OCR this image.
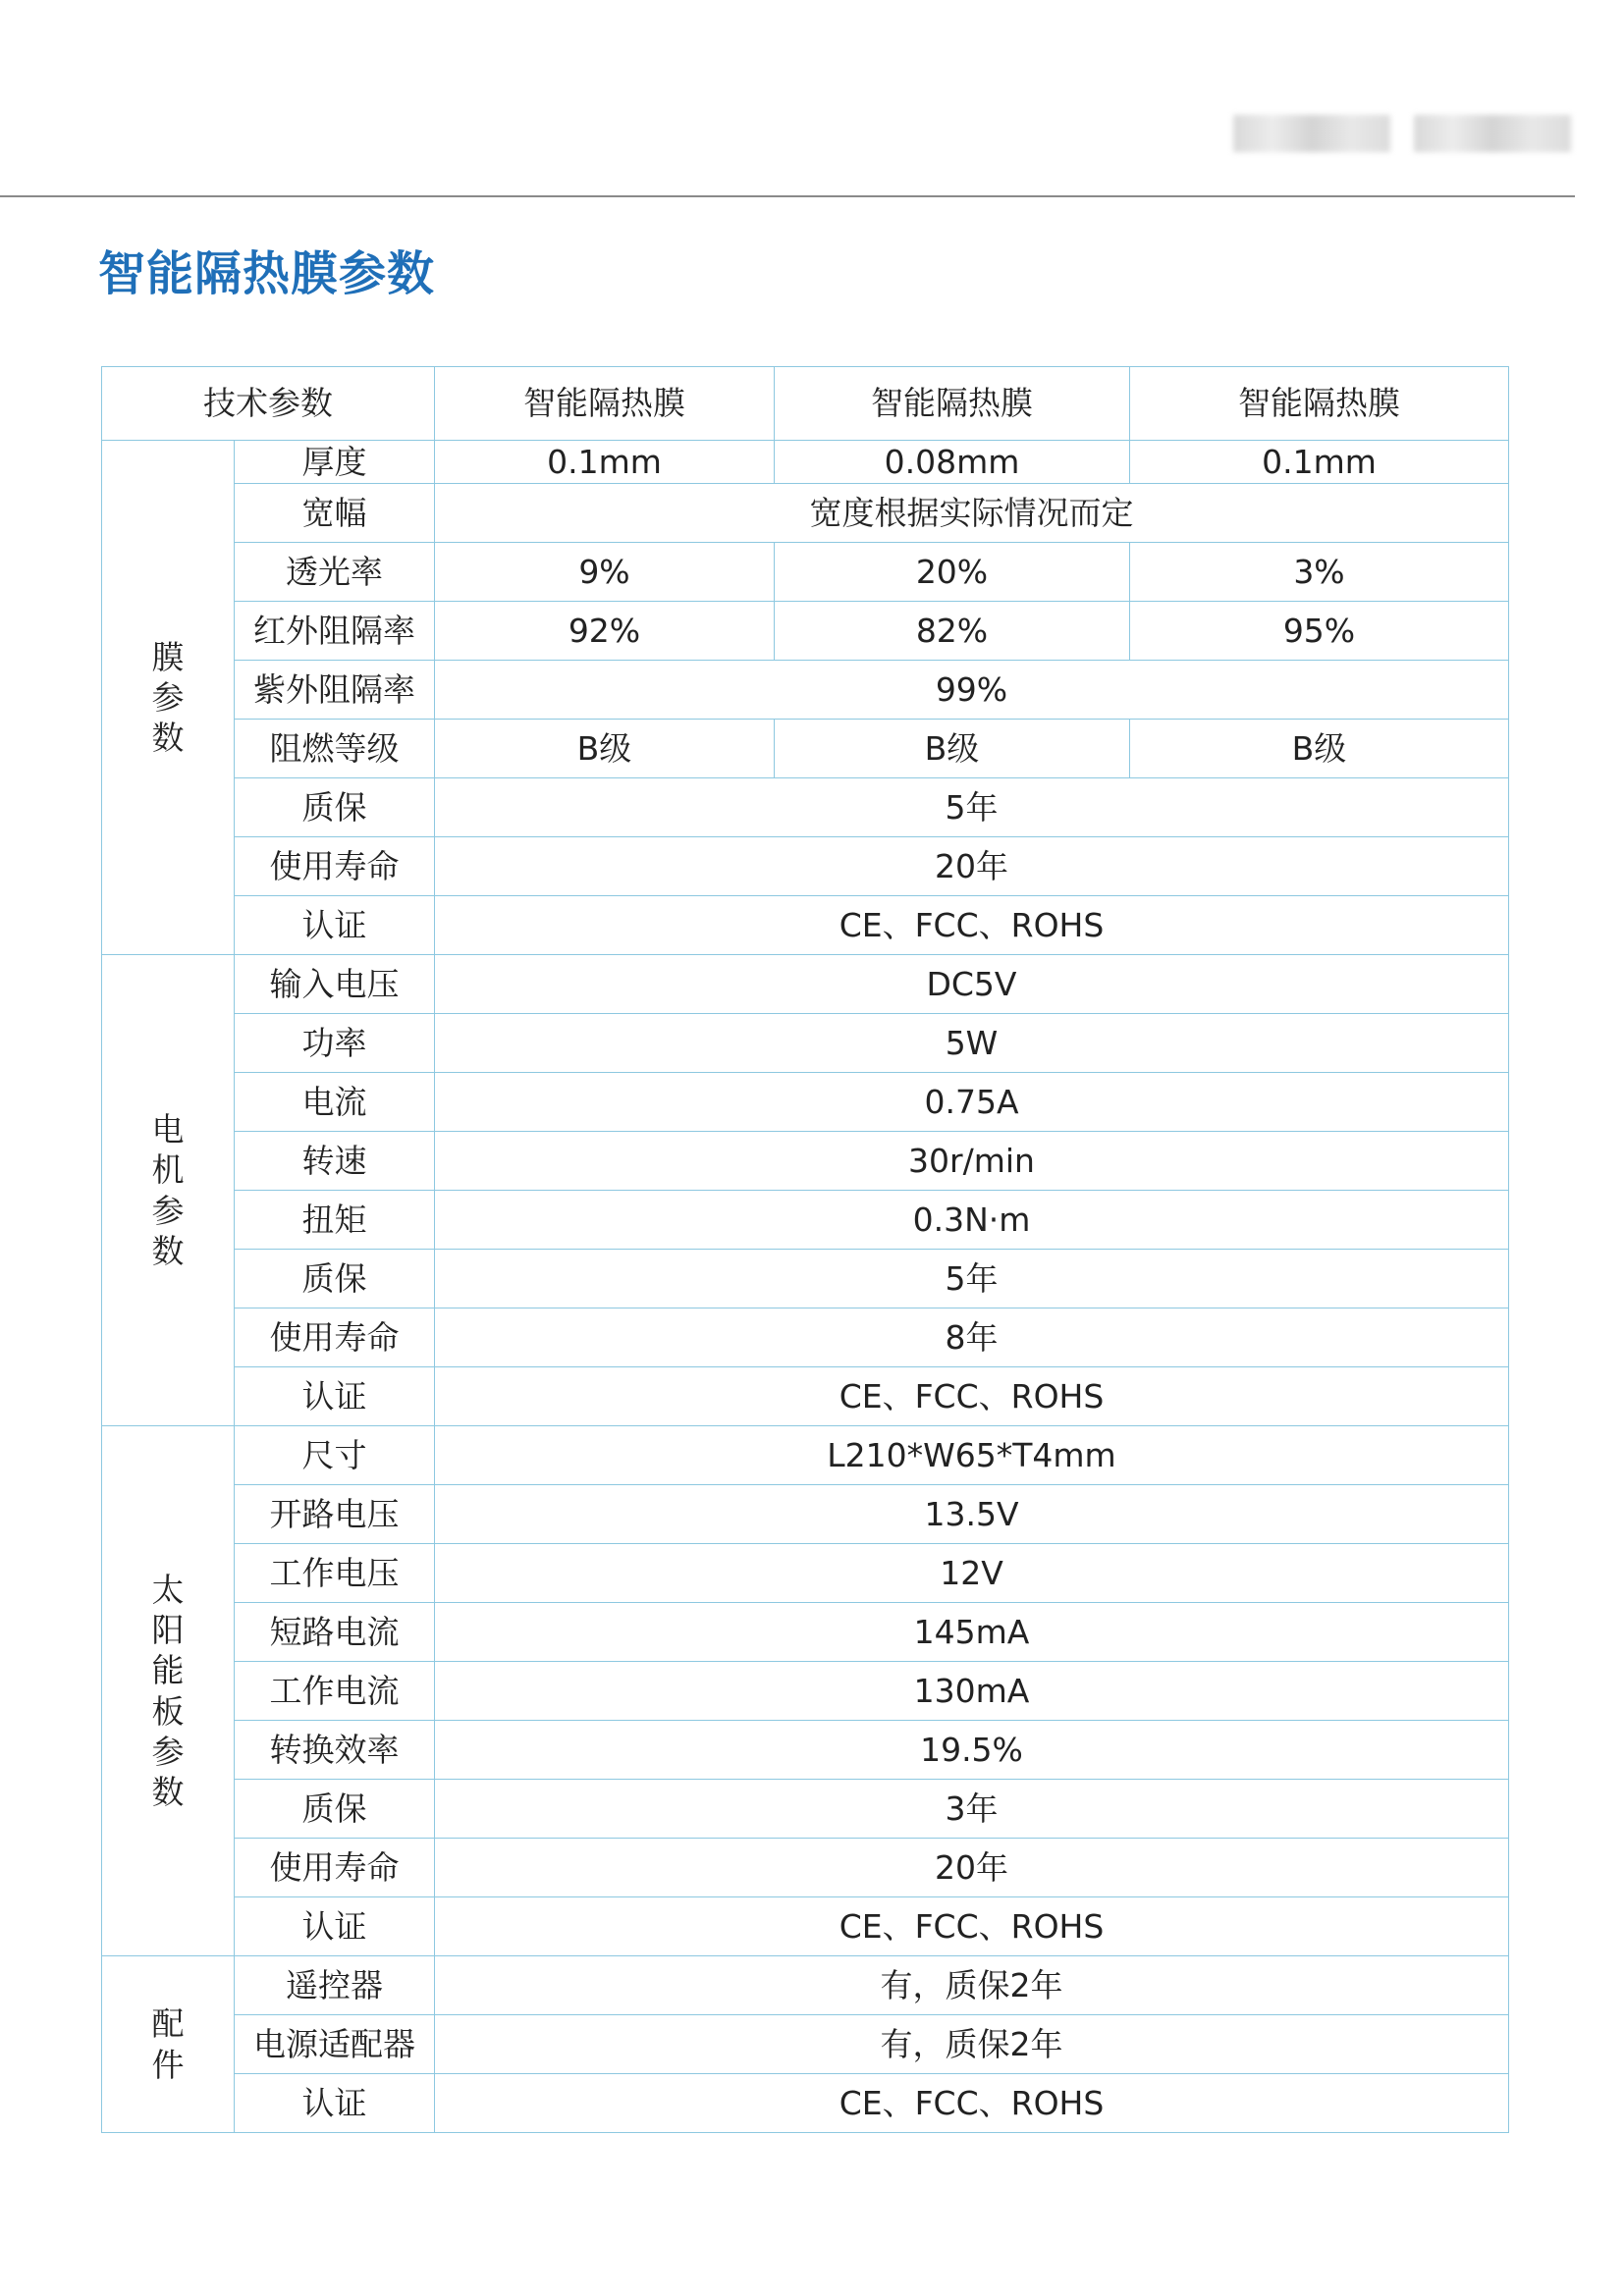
智能隔热膜参数
技术参数		智能隔热膜	智能隔热膜	智能隔热膜
膜参数	厚度	0.1mm	0.08mm	0.1mm
	宽幅	宽度根据实际情况而定		
	透光率	9%	20%	3%
	红外阻隔率	92%	82%	95%
	紫外阻隔率	99%		
	阻燃等级	B级	B级	B级
	质保	5年		
	使用寿命	20年		
	认证	CE、FCC、ROHS		
电机参数	输入电压	DC5V		
	功率	5W		
	电流	0.75A		
	转速	30r/min		
	扭矩	0.3N·m		
	质保	5年		
	使用寿命	8年		
	认证	CE、FCC、ROHS		
太阳能板参数	尺寸	L210*W65*T4mm		
	开路电压	13.5V		
	工作电压	12V		
	短路电流	145mA		
	工作电流	130mA		
	转换效率	19.5%		
	质保	3年		
	使用寿命	20年		
	认证	CE、FCC、ROHS		
配件	遥控器	有，质保2年		
	电源适配器	有，质保2年		
	认证	CE、FCC、ROHS		
